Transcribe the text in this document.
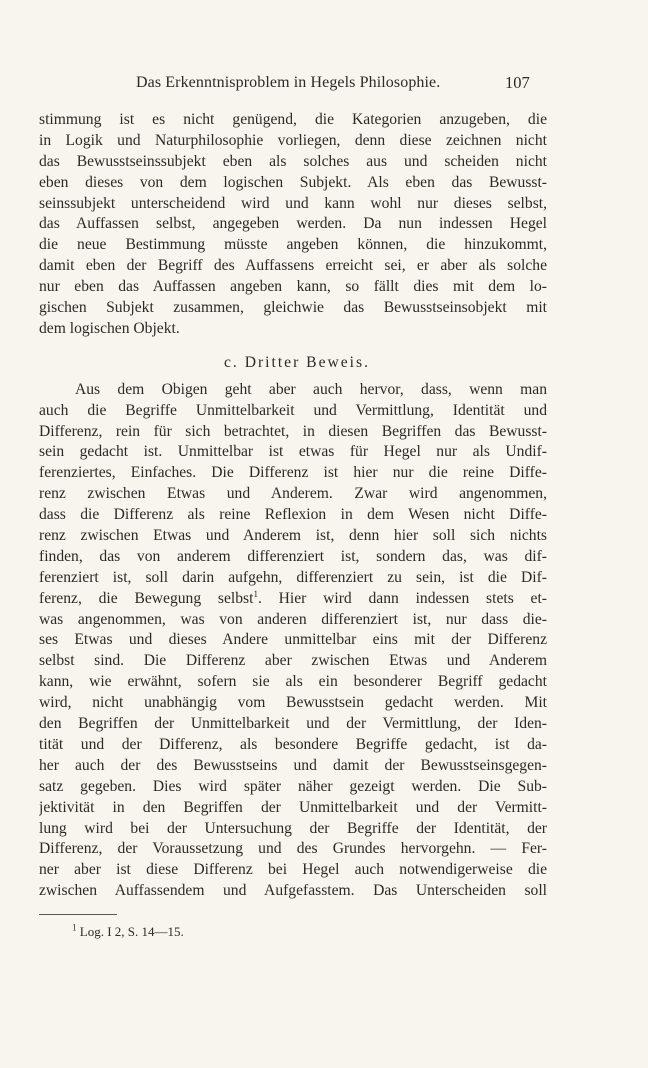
Das Erkenntnisproblem in Hegels Philosophie.	107
stimmung ist es nicht genügend, die Kategorien anzugeben, die
in Logik und Naturphilosophie vorliegen, denn diese zeichnen nicht
das Bewusstseinssubjekt eben als solches aus und scheiden nicht
eben dieses von dem logischen Subjekt. Als eben das Bewusst-
seinssubjekt unterscheidend wird und kann wohl nur dieses selbst,
das Auffassen selbst, angegeben werden. Da nun indessen Hegel
die neue Bestimmung müsste angeben können, die hinzukommt,
damit eben der Begriff des Auffassens erreicht sei, er aber als solche
nur eben das Auffassen angeben kann, so fällt dies mit dem lo-
gischen Subjekt zusammen, gleichwie das Bewusstseinsobjekt mit
dem logischen Objekt.
c. Dritter Beweis.
Aus dem Obigen geht aber auch hervor, dass, wenn man
auch die Begriffe Unmittelbarkeit und Vermittlung, Identität und
Differenz, rein für sich betrachtet, in diesen Begriffen das Bewusst-
sein gedacht ist. Unmittelbar ist etwas für Hegel nur als Undif-
ferenziertes, Einfaches. Die Differenz ist hier nur die reine Diffe-
renz zwischen Etwas und Anderem. Zwar wird angenommen,
dass die Differenz als reine Reflexion in dem Wesen nicht Diffe-
renz zwischen Etwas und Anderem ist, denn hier soll sich nichts
finden, das von anderem differenziert ist, sondern das, was dif-
ferenziert ist, soll darin aufgehn, differenziert zu sein, ist die Dif-
ferenz, die Bewegung selbst$^1$. Hier wird dann indessen stets et-
was angenommen, was von anderen differenziert ist, nur dass die-
ses Etwas und dieses Andere unmittelbar eins mit der Differenz
selbst sind. Die Differenz aber zwischen Etwas und Anderem
kann, wie erwähnt, sofern sie als ein besonderer Begriff gedacht
wird, nicht unabhängig vom Bewusstsein gedacht werden. Mit
den Begriffen der Unmittelbarkeit und der Vermittlung, der Iden-
tität und der Differenz, als besondere Begriffe gedacht, ist da-
her auch der des Bewusstseins und damit der Bewusstseinsgegen-
satz gegeben. Dies wird später näher gezeigt werden. Die Sub-
jektivität in den Begriffen der Unmittelbarkeit und der Vermitt-
lung wird bei der Untersuchung der Begriffe der Identität, der
Differenz, der Voraussetzung und des Grundes hervorgehn. — Fer-
ner aber ist diese Differenz bei Hegel auch notwendigerweise die
zwischen Auffassendem und Aufgefasstem. Das Unterscheiden soll
$^1$ Log. I 2, S. 14—15.
